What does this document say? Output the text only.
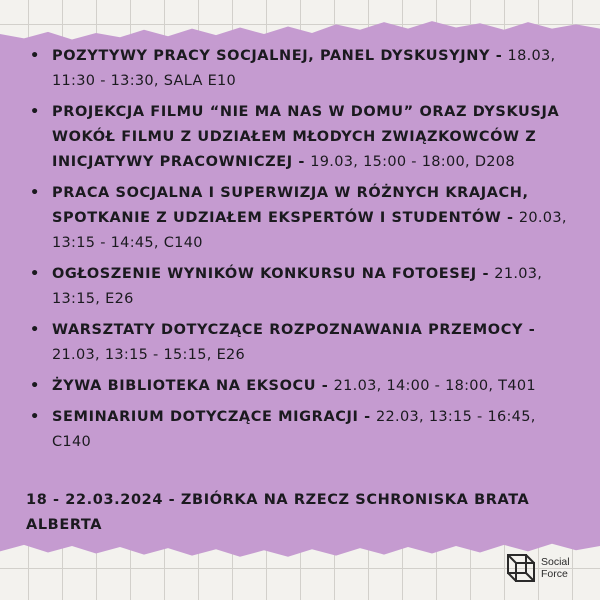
• POZYTYWY PRACY SOCJALNEJ, PANEL DYSKUSYJNY - 18.03, 11:30 - 13:30, SALA E10
• PROJEKCJA FILMU “NIE MA NAS W DOMU” ORAZ DYSKUSJA WOKÓŁ FILMU Z UDZIAŁEM MŁODYCH ZWIĄZKOWCÓW Z INICJATYWY PRACOWNICZEJ - 19.03, 15:00 - 18:00, D208
• PRACA SOCJALNA I SUPERWIZJA W RÓŻNYCH KRAJACH, SPOTKANIE Z UDZIAŁEM EKSPERTÓW I STUDENTÓW - 20.03, 13:15 - 14:45, C140
• OGŁOSZENIE WYNIKÓW KONKURSU NA FOTOESEJ - 21.03, 13:15, E26
• WARSZTATY DOTYCZĄCE ROZPOZNAWANIA PRZEMOCY - 21.03, 13:15 - 15:15, E26
• ŻYWA BIBLIOTEKA NA EKSOCU - 21.03, 14:00 - 18:00, T401
• SEMINARIUM DOTYCZĄCE MIGRACJI - 22.03, 13:15 - 16:45, C140
18 - 22.03.2024 - ZBIÓRKA NA RZECZ SCHRONISKA BRATA ALBERTA
Social
Force
